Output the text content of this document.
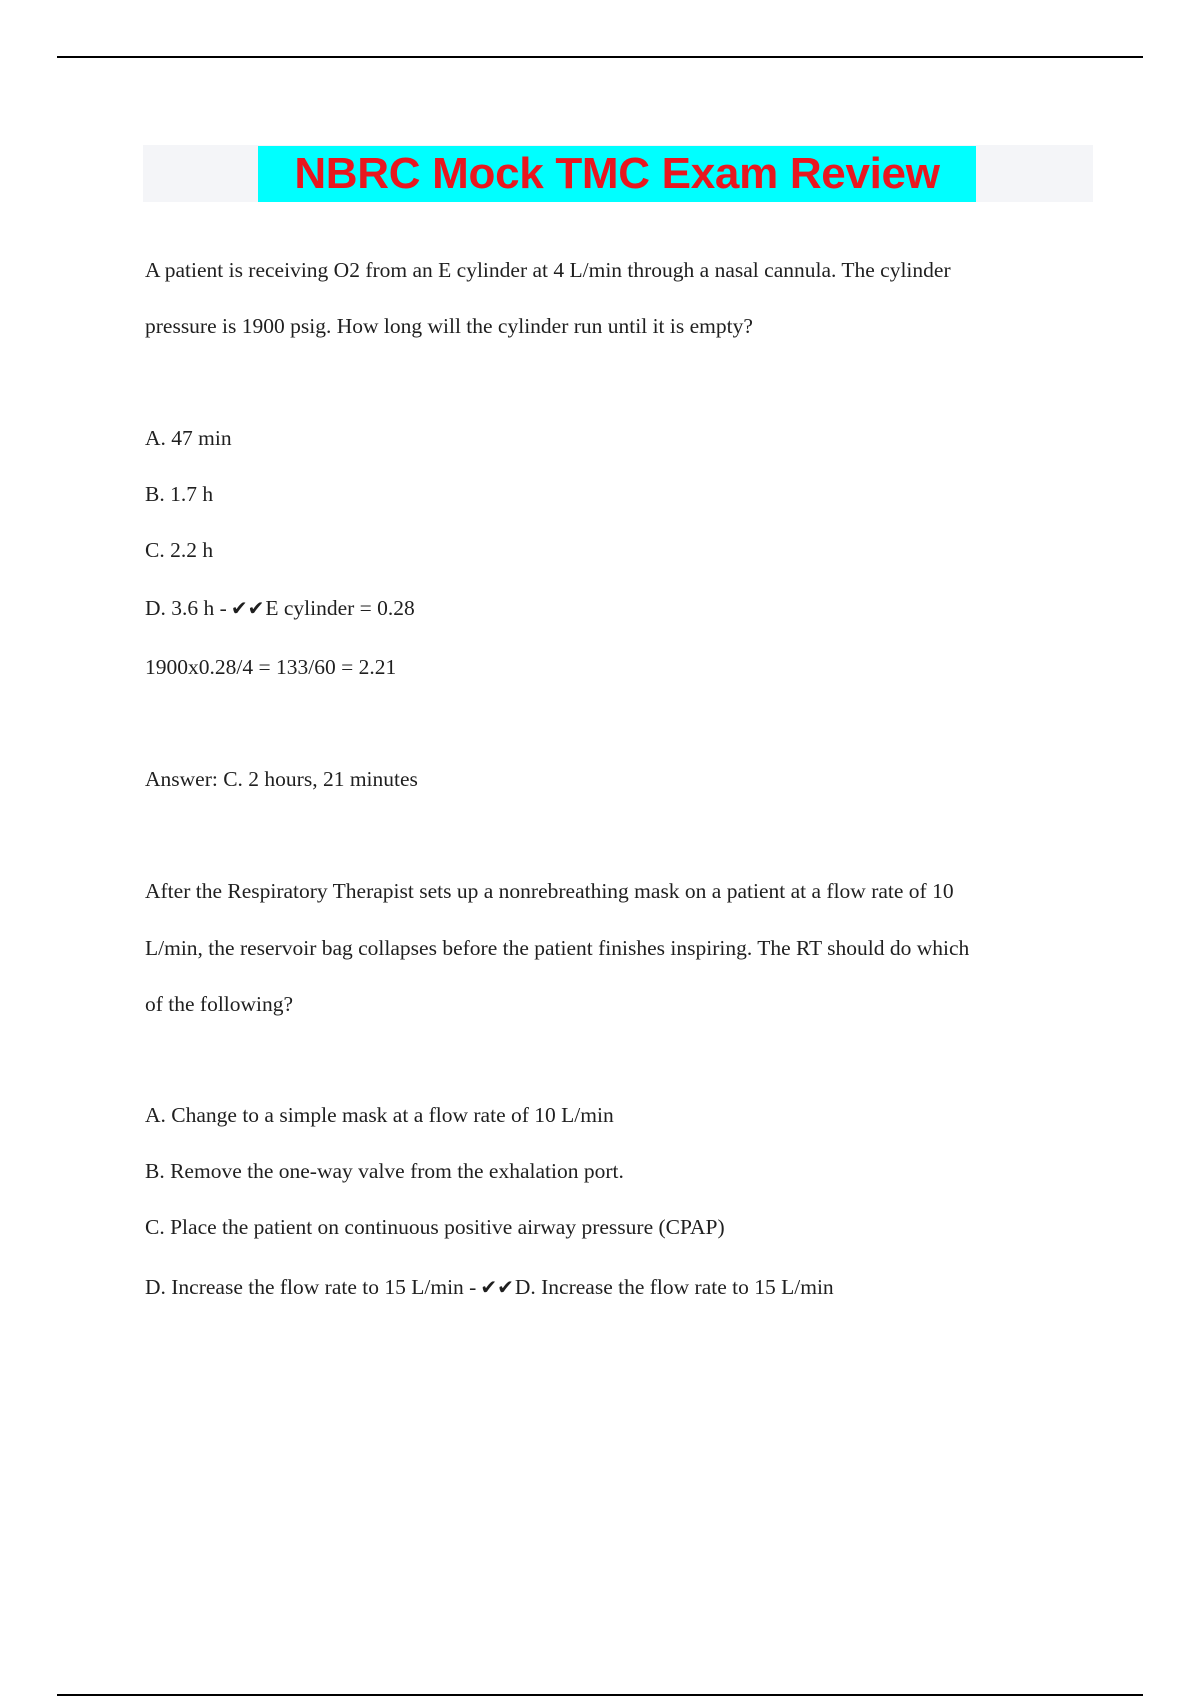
NBRC Mock TMC Exam Review
A patient is receiving O2 from an E cylinder at 4 L/min through a nasal cannula. The cylinder
pressure is 1900 psig. How long will the cylinder run until it is empty?
A. 47 min
B. 1.7 h
C. 2.2 h
D. 3.6 h - ✔✔E cylinder = 0.28
1900x0.28/4 = 133/60 = 2.21
Answer: C. 2 hours, 21 minutes
After the Respiratory Therapist sets up a nonrebreathing mask on a patient at a flow rate of 10
L/min, the reservoir bag collapses before the patient finishes inspiring. The RT should do which
of the following?
A. Change to a simple mask at a flow rate of 10 L/min
B. Remove the one-way valve from the exhalation port.
C. Place the patient on continuous positive airway pressure (CPAP)
D. Increase the flow rate to 15 L/min - ✔✔D. Increase the flow rate to 15 L/min
